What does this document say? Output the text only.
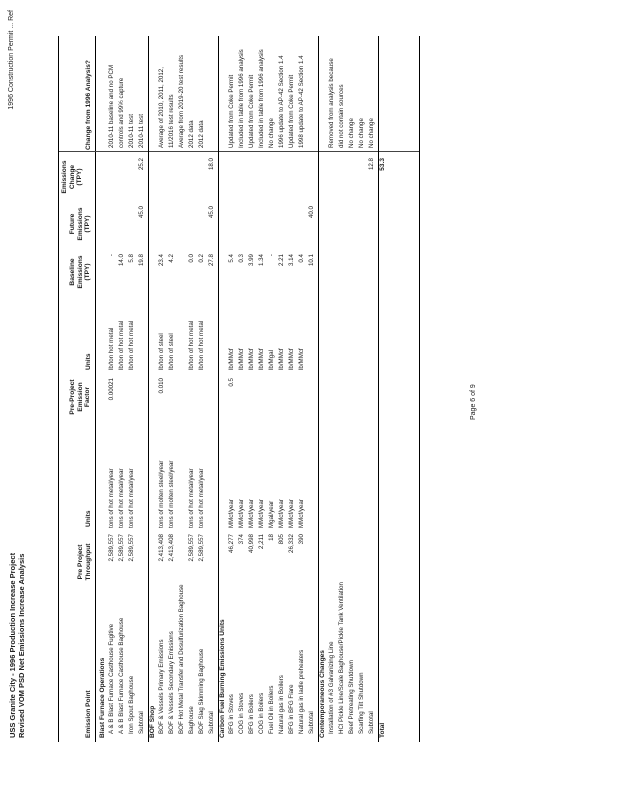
USS Granite City - 1996 Production Increase Project Revised VOM PSD Net Emissions Increase Analysis
1996 Construction Permit ... Ref
Emission Point
Pre Project Throughput
Units
Pre-Project Emission Factor
Units
Baseline Emissions (TPY)
Future Emissions (TPY)
Emissions Change (TPY)
Change from 1996 Analysis?
Blast Furnace Operations A & B Blast Furnace Casthouse Fugitive
2,589,557
tons of hot metal/year
0.00021
lb/ton hot metal
-
2010-11 baseline and no PCM
A & B Blast Furnace Casthouse Baghouse
2,589,557
tons of hot metal/year
lb/ton of hot metal
14.0
controls and 99% capture
Iron Spout Baghouse
2,589,557
tons of hot metal/year
lb/ton of hot metal
5.8
2010-11 test
Subtotal
19.8
45.0
25.2
2010-11 test
BOF Shop BOF & Vessels Primary Emissions
2,413,408
tons of molten steel/year
0.010
lb/ton of steel
23.4
Average of 2010, 2011, 2012,
BOF & Vessels Secondary Emissions
2,413,408
tons of molten steel/year
lb/ton of steel
4.2
11/2016 test results
BOF Hot Metal Transfer and Desulfurization Baghouse
Average from 2019-20 test results
Baghouse
2,589,557
tons of hot metal/year
lb/ton of hot metal
0.0
2012 data
BOF Slag Skimming Baghouse
2,589,557
tons of hot metal/year
lb/ton of hot metal
0.2
2012 data
Subtotal
27.8
45.0
18.0
Carbon Fuel Burning Emissions Units BFG in Stoves
46,277
MMcf/year
0.5
lb/MMcf
5.4
Updated from Coke Permit
COG in Stoves
374
MMcf/year
lb/MMcf
0.3
Included in table from 1996 analysis
BFG in Boilers
40,998
MMcf/year
lb/MMcf
3.99
Updated from Coke Permit
COG in Boilers
2,211
MMcf/year
lb/MMcf
1.34
Included in table from 1996 analysis
Fuel Oil in Boilers
18
Mgal/year
lb/Mgal
-
No change
Natural gas in Boilers
805
MMcf/year
lb/MMcf
2.21
1996 update to AP-42 Section 1.4
BFG in BFG Flare
26,332
MMcf/year
lb/MMcf
3.14
Updated from Coke Permit
Natural gas in ladle preheaters
390
MMcf/year
lb/MMcf
0.4
1998 update to AP-42 Section 1.4
Subtotal
10.1
40.0
Contemporaneous Changes Installation of #3 Galvanizing Line
Removed from analysis because
HCl Pickle Line/Scale Baghouse/Pickle Tank Ventilation
did not contain sources
Beef Pretreating Shutdown
No change
Scarfing Tilt Shutdown
No change
Subtotal
12.8
No change
Total
53.3
Page 6 of 9
